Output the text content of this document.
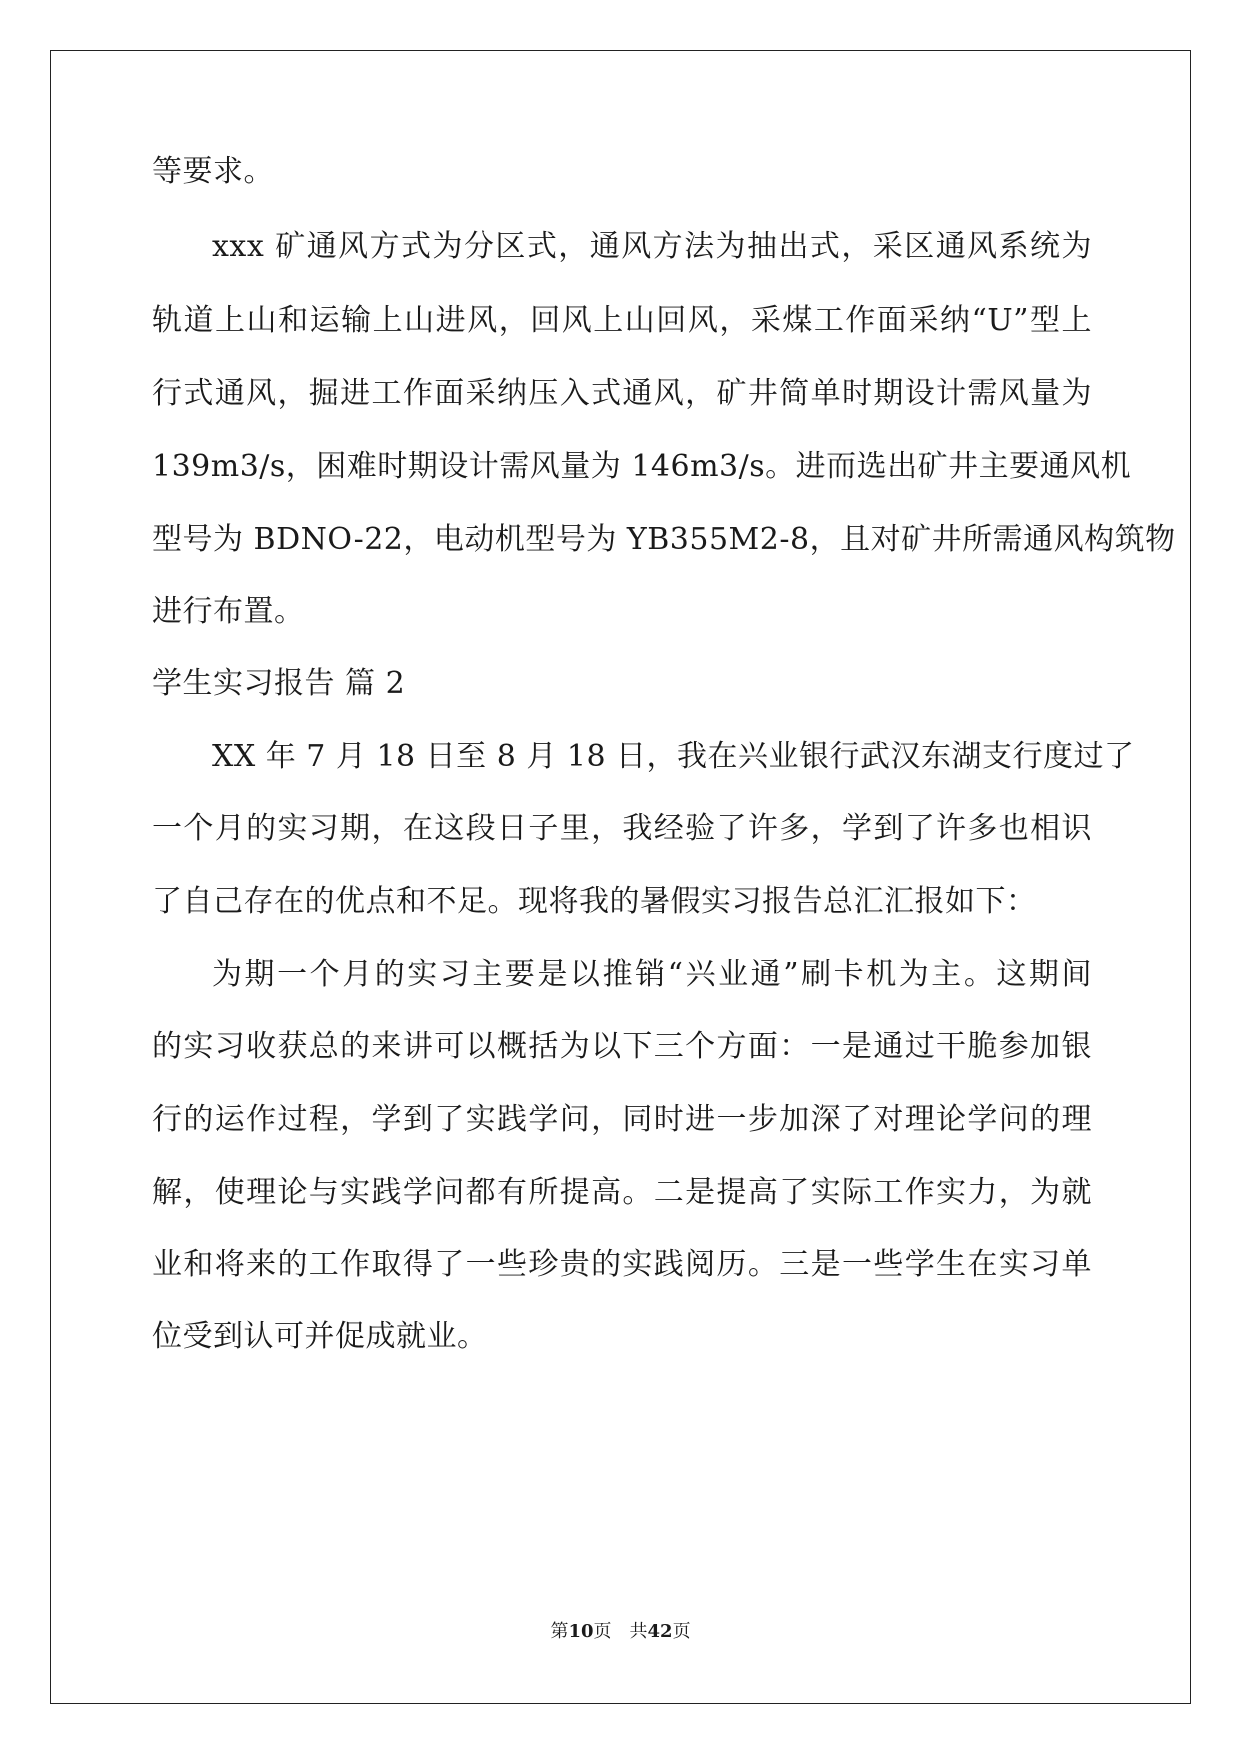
等要求。
xxx 矿通风方式为分区式，通风方法为抽出式，采区通风系统为
轨道上山和运输上山进风，回风上山回风，采煤工作面采纳“U”型上
行式通风，掘进工作面采纳压入式通风，矿井简单时期设计需风量为
139m3/s，困难时期设计需风量为 146m3/s。进而选出矿井主要通风机
型号为 BDNO-22，电动机型号为 YB355M2-8，且对矿井所需通风构筑物
进行布置。
学生实习报告 篇 2
XX 年 7 月 18 日至 8 月 18 日，我在兴业银行武汉东湖支行度过了
一个月的实习期，在这段日子里，我经验了许多，学到了许多也相识
了自己存在的优点和不足。现将我的暑假实习报告总汇汇报如下：
为期一个月的实习主要是以推销“兴业通”刷卡机为主。这期间
的实习收获总的来讲可以概括为以下三个方面：一是通过干脆参加银
行的运作过程，学到了实践学问，同时进一步加深了对理论学问的理
解，使理论与实践学问都有所提高。二是提高了实际工作实力，为就
业和将来的工作取得了一些珍贵的实践阅历。三是一些学生在实习单
位受到认可并促成就业。
第10页　共42页
